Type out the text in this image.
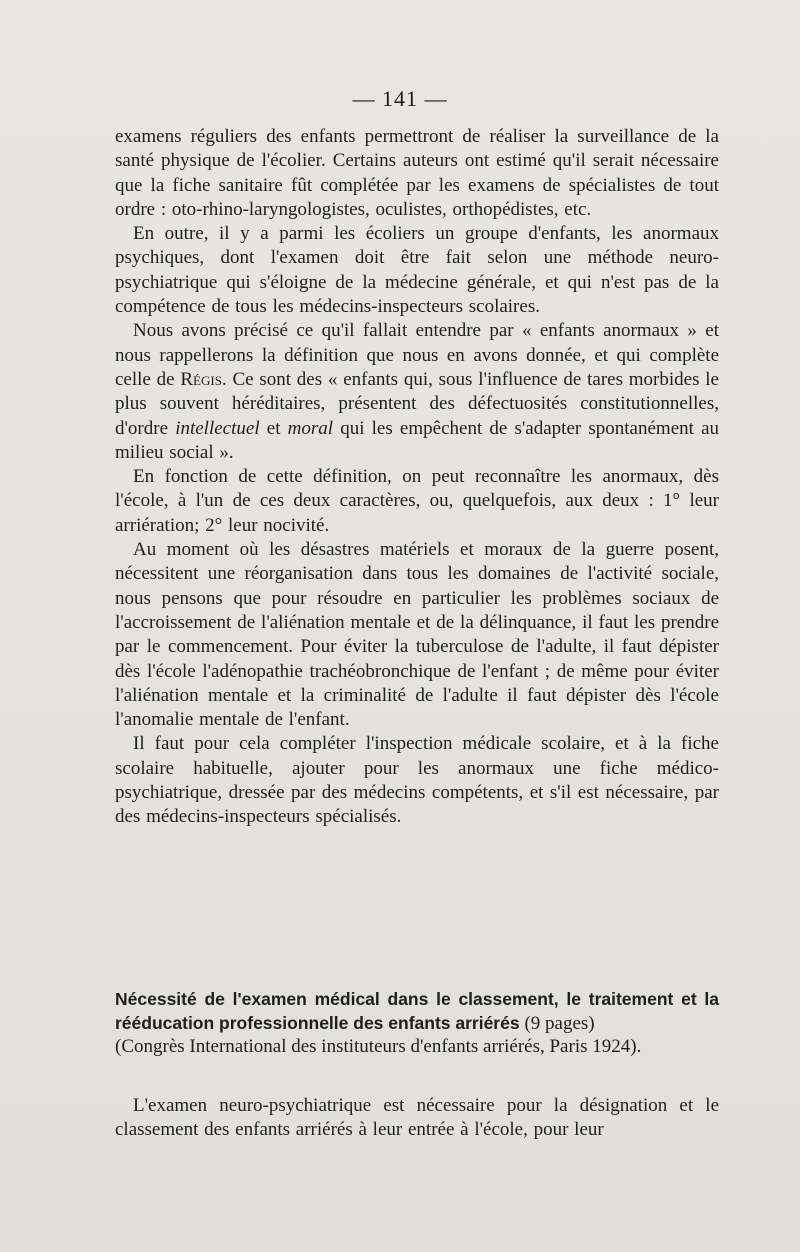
— 141 —

examens réguliers des enfants permettront de réaliser la surveillance de la santé physique de l'écolier. Certains auteurs ont estimé qu'il serait nécessaire que la fiche sanitaire fût complétée par les examens de spécialistes de tout ordre : oto-rhino-laryngologistes, oculistes, orthopédistes, etc.

En outre, il y a parmi les écoliers un groupe d'enfants, les anormaux psychiques, dont l'examen doit être fait selon une méthode neuro-psychiatrique qui s'éloigne de la médecine générale, et qui n'est pas de la compétence de tous les médecins-inspecteurs scolaires.

Nous avons précisé ce qu'il fallait entendre par « enfants anormaux » et nous rappellerons la définition que nous en avons donnée, et qui complète celle de Régis. Ce sont des « enfants qui, sous l'influence de tares morbides le plus souvent héréditaires, présentent des défectuosités constitutionnelles, d'ordre intellectuel et moral qui les empêchent de s'adapter spontanément au milieu social ».

En fonction de cette définition, on peut reconnaître les anormaux, dès l'école, à l'un de ces deux caractères, ou, quelquefois, aux deux : 1° leur arriération; 2° leur nocivité.

Au moment où les désastres matériels et moraux de la guerre posent, nécessitent une réorganisation dans tous les domaines de l'activité sociale, nous pensons que pour résoudre en particulier les problèmes sociaux de l'accroissement de l'aliénation mentale et de la délinquance, il faut les prendre par le commencement. Pour éviter la tuberculose de l'adulte, il faut dépister dès l'école l'adénopathie trachéobronchique de l'enfant ; de même pour éviter l'aliénation mentale et la criminalité de l'adulte il faut dépister dès l'école l'anomalie mentale de l'enfant.

Il faut pour cela compléter l'inspection médicale scolaire, et à la fiche scolaire habituelle, ajouter pour les anormaux une fiche médico-psychiatrique, dressée par des médecins compétents, et s'il est nécessaire, par des médecins-inspecteurs spécialisés.

Nécessité de l'examen médical dans le classement, le traitement et la rééducation professionnelle des enfants arriérés (9 pages)

(Congrès International des instituteurs d'enfants arriérés, Paris 1924).

L'examen neuro-psychiatrique est nécessaire pour la désignation et le classement des enfants arriérés à leur entrée à l'école, pour leur
